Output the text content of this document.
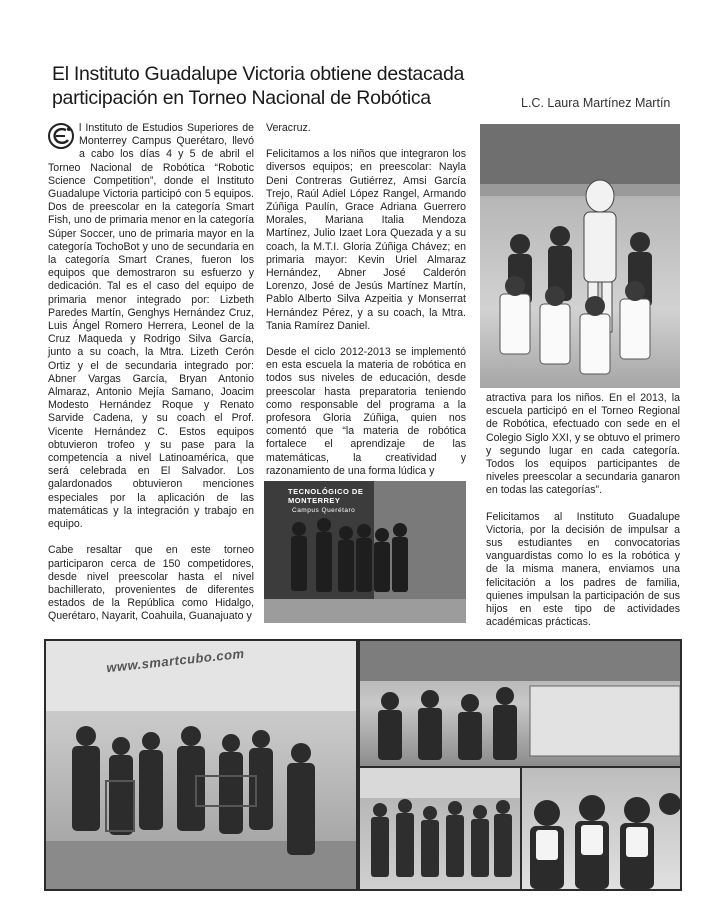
El Instituto Guadalupe Victoria obtiene destacada participación en Torneo Nacional de Robótica	L.C. Laura Martínez Martín

l Instituto de Estudios Superiores de Monterrey Campus Querétaro, llevó a cabo los días 4 y 5 de abril el Torneo Nacional de Robótica “Robotic Science Competition”, donde el Instituto Guadalupe Victoria participó con 5 equipos. Dos de preescolar en la categoría Smart Fish, uno de primaria menor en la categoría Súper Soccer, uno de primaria mayor en la categoría TochoBot y uno de secundaria en la categoría Smart Cranes, fueron los equipos que demostraron su esfuerzo y dedicación. Tal es el caso del equipo de primaria menor integrado por: Lizbeth Paredes Martín, Genghys Hernández Cruz, Luis Ángel Romero Herrera, Leonel de la Cruz Maqueda y Rodrigo Silva García, junto a su coach, la Mtra. Lizeth Cerón Ortiz y el de secundaria integrado por: Abner Vargas García, Bryan Antonio Almaraz, Antonio Mejía Samano, Joacim Modesto Hernández Roque y Renato Sarvide Cadena, y su coach el Prof. Vicente Hernández C. Estos equipos obtuvieron trofeo y su pase para la competencia a nivel Latinoamérica, que será celebrada en El Salvador. Los galardonados obtuvieron menciones especiales por la aplicación de las matemáticas y la integración y trabajo en equipo.

Cabe resaltar que en este torneo participaron cerca de 150 competidores, desde nivel preescolar hasta el nivel bachillerato, provenientes de diferentes estados de la República como Hidalgo, Querétaro, Nayarit, Coahuila, Guanajuato y

Veracruz.

Felicitamos a los niños que integraron los diversos equipos; en preescolar: Nayla Deni Contreras Gutiérrez, Amsi García Trejo, Raúl Adiel López Rangel, Armando Zúñiga Paulín, Grace Adriana Guerrero Morales, Mariana Italia Mendoza Martínez, Julio Izaet Lora Quezada y a su coach, la M.T.I. Gloria Zúñiga Chávez; en primaria mayor: Kevin Uriel Almaraz Hernández, Abner José Calderón Lorenzo, José de Jesús Martínez Martín, Pablo Alberto Silva Azpeitia y Monserrat Hernández Pérez, y a su coach, la Mtra. Tania Ramírez Daniel.

Desde el ciclo 2012-2013 se implementó en esta escuela la materia de robótica en todos sus niveles de educación, desde preescolar hasta preparatoria teniendo como responsable del programa a la profesora Gloria Zúñiga, quien nos comentó que “la materia de robótica fortalece el aprendizaje de las matemáticas, la creatividad y razonamiento de una forma lúdica y

atractiva para los niños. En el 2013, la escuela participó en el Torneo Regional de Robótica, efectuado con sede en el Colegio Siglo XXI, y se obtuvo el primero y segundo lugar en cada categoría. Todos los equipos participantes de niveles preescolar a secundaria ganaron en todas las categorías”.

Felicitamos al Instituto Guadalupe Victoria, por la decisión de impulsar a sus estudiantes en convocatorias vanguardistas como lo es la robótica y de la misma manera, enviamos una felicitación a los padres de familia, quienes impulsan la participación de sus hijos en este tipo de actividades académicas prácticas.

TECNOLÓGICO DE MONTERREY
Campus Querétaro
www.smartcubo.com
